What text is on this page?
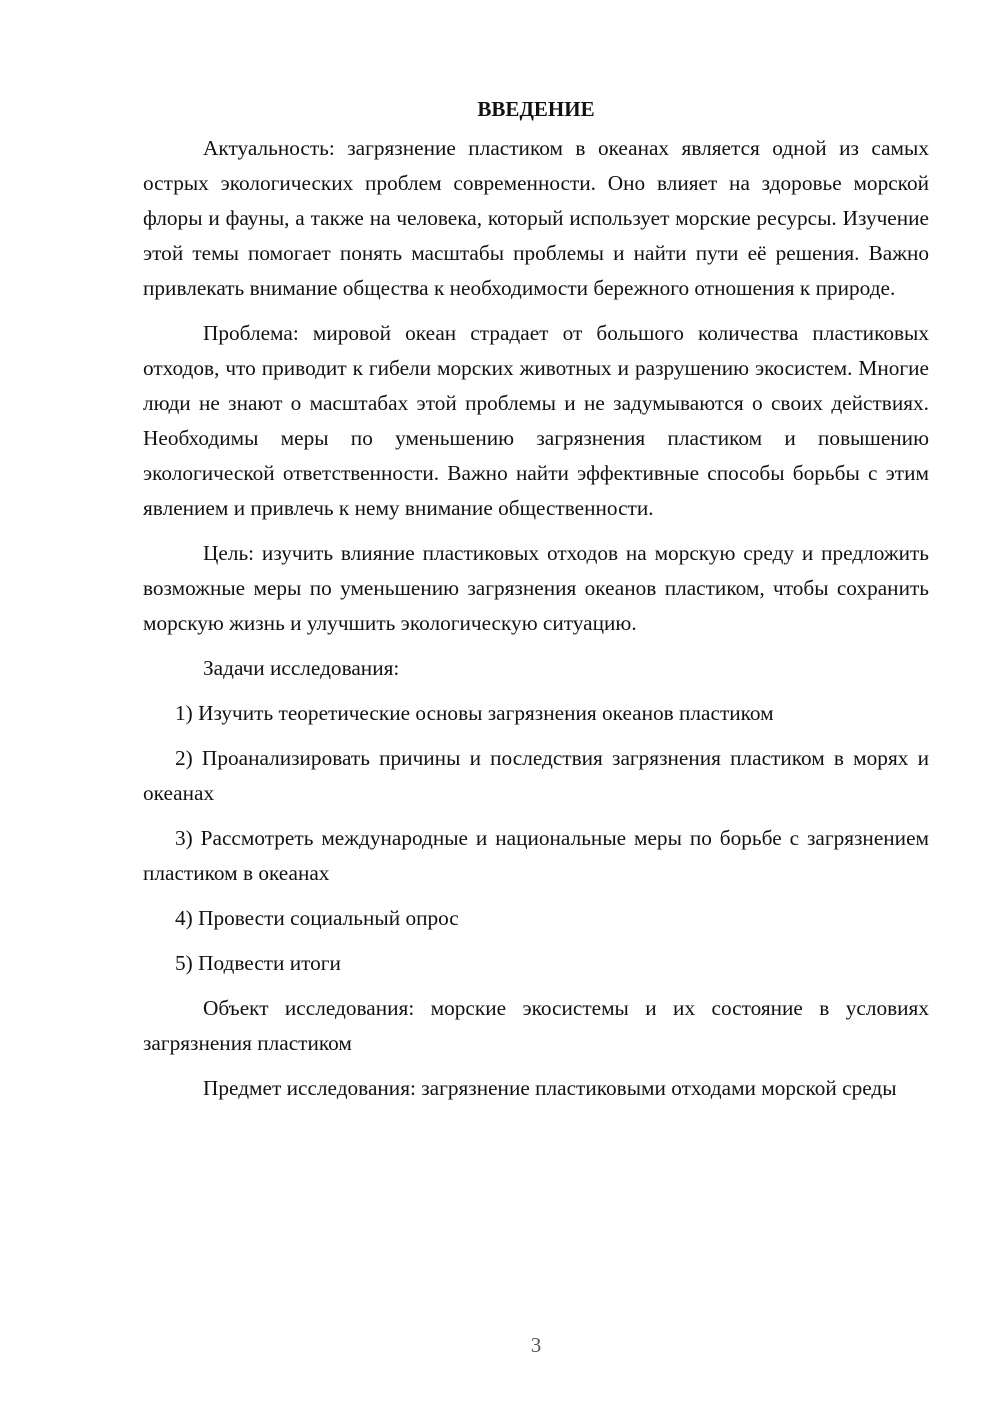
ВВЕДЕНИЕ

Актуальность: загрязнение пластиком в океанах является одной из самых острых экологических проблем современности. Оно влияет на здоровье морской флоры и фауны, а также на человека, который использует морские ресурсы. Изучение этой темы помогает понять масштабы проблемы и найти пути её решения. Важно привлекать внимание общества к необходимости бережного отношения к природе.

Проблема: мировой океан страдает от большого количества пластиковых отходов, что приводит к гибели морских животных и разрушению экосистем. Многие люди не знают о масштабах этой проблемы и не задумываются о своих действиях. Необходимы меры по уменьшению загрязнения пластиком и повышению экологической ответственности. Важно найти эффективные способы борьбы с этим явлением и привлечь к нему внимание общественности.

Цель: изучить влияние пластиковых отходов на морскую среду и предложить возможные меры по уменьшению загрязнения океанов пластиком, чтобы сохранить морскую жизнь и улучшить экологическую ситуацию.

Задачи исследования:

1) Изучить теоретические основы загрязнения океанов пластиком

2) Проанализировать причины и последствия загрязнения пластиком в морях и океанах

3) Рассмотреть международные и национальные меры по борьбе с загрязнением пластиком в океанах

4) Провести социальный опрос

5) Подвести итоги

Объект исследования: морские экосистемы и их состояние в условиях загрязнения пластиком

Предмет исследования: загрязнение пластиковыми отходами морской среды

3
